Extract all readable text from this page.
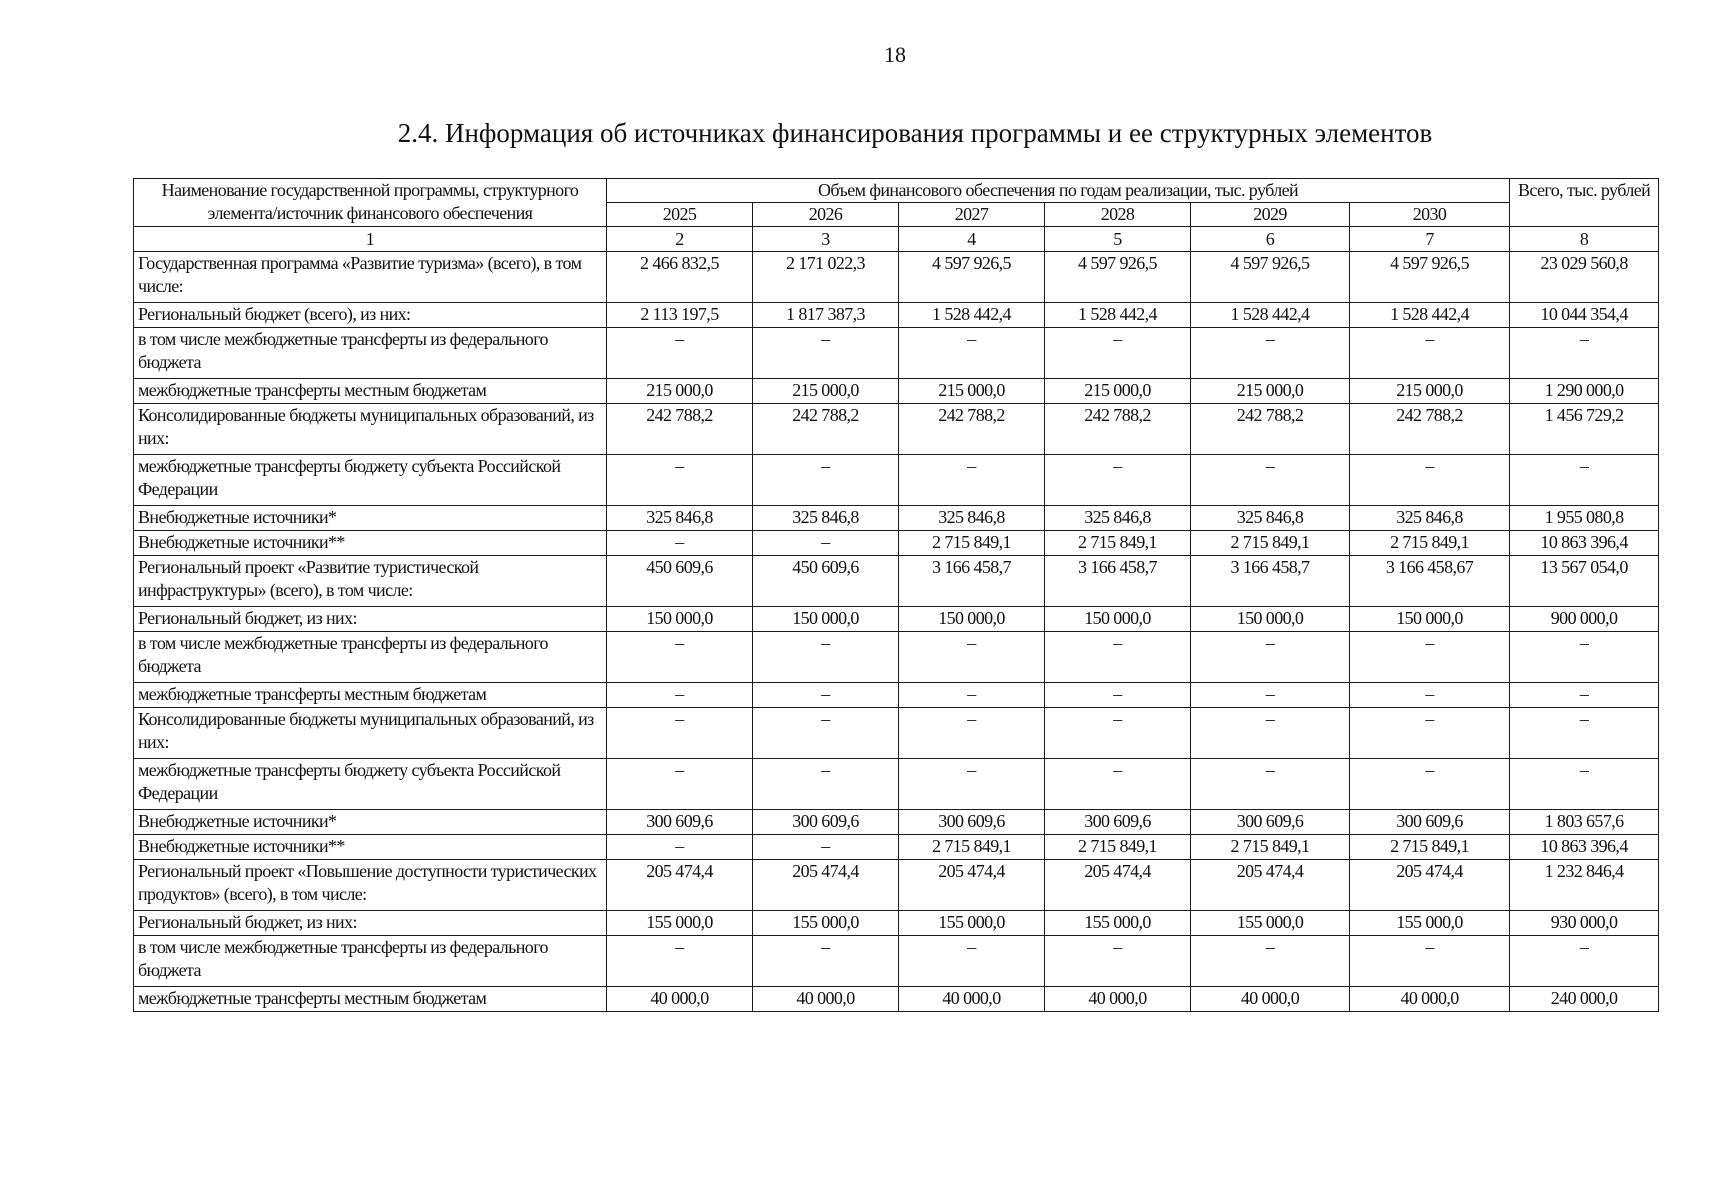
18
2.4. Информация об источниках финансирования программы и ее структурных элементов
Наименование государственной программы, структурного элемента/источник финансового обеспечения	Объем финансового обеспечения по годам реализации, тыс. рублей						Всего, тыс. рублей
	2025	2026	2027	2028	2029	2030	
1	2	3	4	5	6	7	8
Государственная программа «Развитие туризма» (всего), в том числе:	2 466 832,5	2 171 022,3	4 597 926,5	4 597 926,5	4 597 926,5	4 597 926,5	23 029 560,8
Региональный бюджет (всего), из них:	2 113 197,5	1 817 387,3	1 528 442,4	1 528 442,4	1 528 442,4	1 528 442,4	10 044 354,4
в том числе межбюджетные трансферты из федерального бюджета	–	–	–	–	–	–	–
межбюджетные трансферты местным бюджетам	215 000,0	215 000,0	215 000,0	215 000,0	215 000,0	215 000,0	1 290 000,0
Консолидированные бюджеты муниципальных образований, из них:	242 788,2	242 788,2	242 788,2	242 788,2	242 788,2	242 788,2	1 456 729,2
межбюджетные трансферты бюджету субъекта Российской Федерации	–	–	–	–	–	–	–
Внебюджетные источники*	325 846,8	325 846,8	325 846,8	325 846,8	325 846,8	325 846,8	1 955 080,8
Внебюджетные источники**	–	–	2 715 849,1	2 715 849,1	2 715 849,1	2 715 849,1	10 863 396,4
Региональный проект «Развитие туристической инфраструктуры» (всего), в том числе:	450 609,6	450 609,6	3 166 458,7	3 166 458,7	3 166 458,7	3 166 458,67	13 567 054,0
Региональный бюджет, из них:	150 000,0	150 000,0	150 000,0	150 000,0	150 000,0	150 000,0	900 000,0
в том числе межбюджетные трансферты из федерального бюджета	–	–	–	–	–	–	–
межбюджетные трансферты местным бюджетам	–	–	–	–	–	–	–
Консолидированные бюджеты муниципальных образований, из них:	–	–	–	–	–	–	–
межбюджетные трансферты бюджету субъекта Российской Федерации	–	–	–	–	–	–	–
Внебюджетные источники*	300 609,6	300 609,6	300 609,6	300 609,6	300 609,6	300 609,6	1 803 657,6
Внебюджетные источники**	–	–	2 715 849,1	2 715 849,1	2 715 849,1	2 715 849,1	10 863 396,4
Региональный проект «Повышение доступности туристических продуктов» (всего), в том числе:	205 474,4	205 474,4	205 474,4	205 474,4	205 474,4	205 474,4	1 232 846,4
Региональный бюджет, из них:	155 000,0	155 000,0	155 000,0	155 000,0	155 000,0	155 000,0	930 000,0
в том числе межбюджетные трансферты из федерального бюджета	–	–	–	–	–	–	–
межбюджетные трансферты местным бюджетам	40 000,0	40 000,0	40 000,0	40 000,0	40 000,0	40 000,0	240 000,0
